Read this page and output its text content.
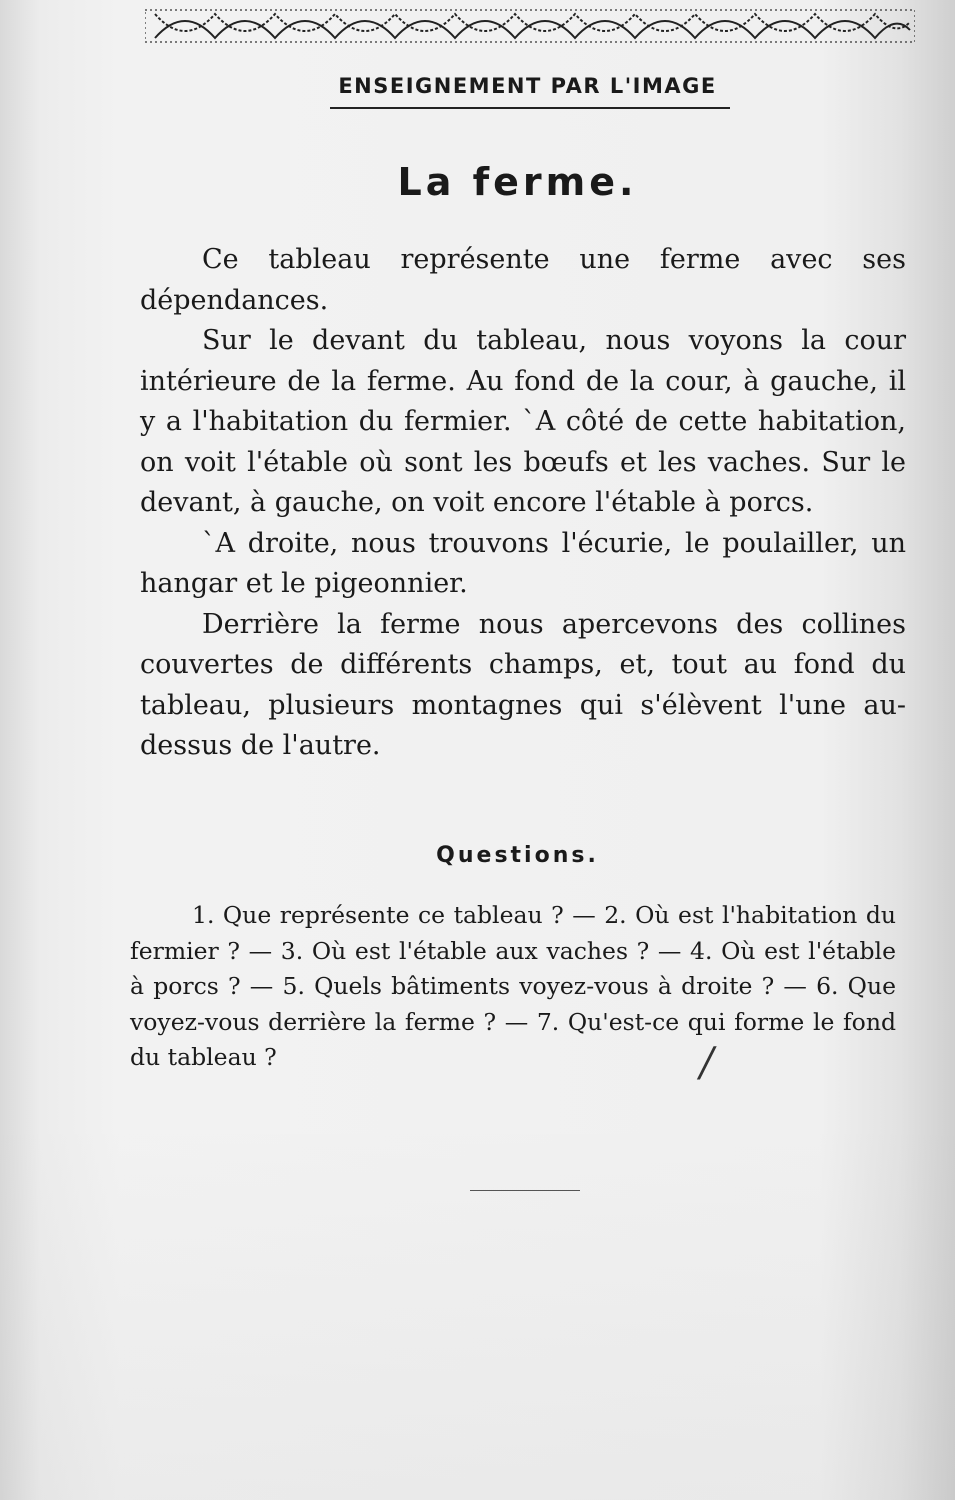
ENSEIGNEMENT PAR L'IMAGE
La ferme.

Ce tableau représente une ferme avec ses dépendances.

Sur le devant du tableau, nous voyons la cour intérieure de la ferme. Au fond de la cour, à gauche, il y a l'habitation du fermier. `A côté de cette habitation, on voit l'étable où sont les bœufs et les vaches. Sur le devant, à gauche, on voit encore l'étable à porcs.

`A droite, nous trouvons l'écurie, le poulailler, un hangar et le pigeonnier.

Derrière la ferme nous apercevons des collines couvertes de différents champs, et, tout au fond du tableau, plusieurs montagnes qui s'élèvent l'une au-dessus de l'autre.

Questions.

1. Que représente ce tableau ? — 2. Où est l'habitation du fermier ? — 3. Où est l'étable aux vaches ? — 4. Où est l'étable à porcs ? — 5. Quels bâtiments voyez-vous à droite ? — 6. Que voyez-vous derrière la ferme ? — 7. Qu'est-ce qui forme le fond du tableau ?	/
